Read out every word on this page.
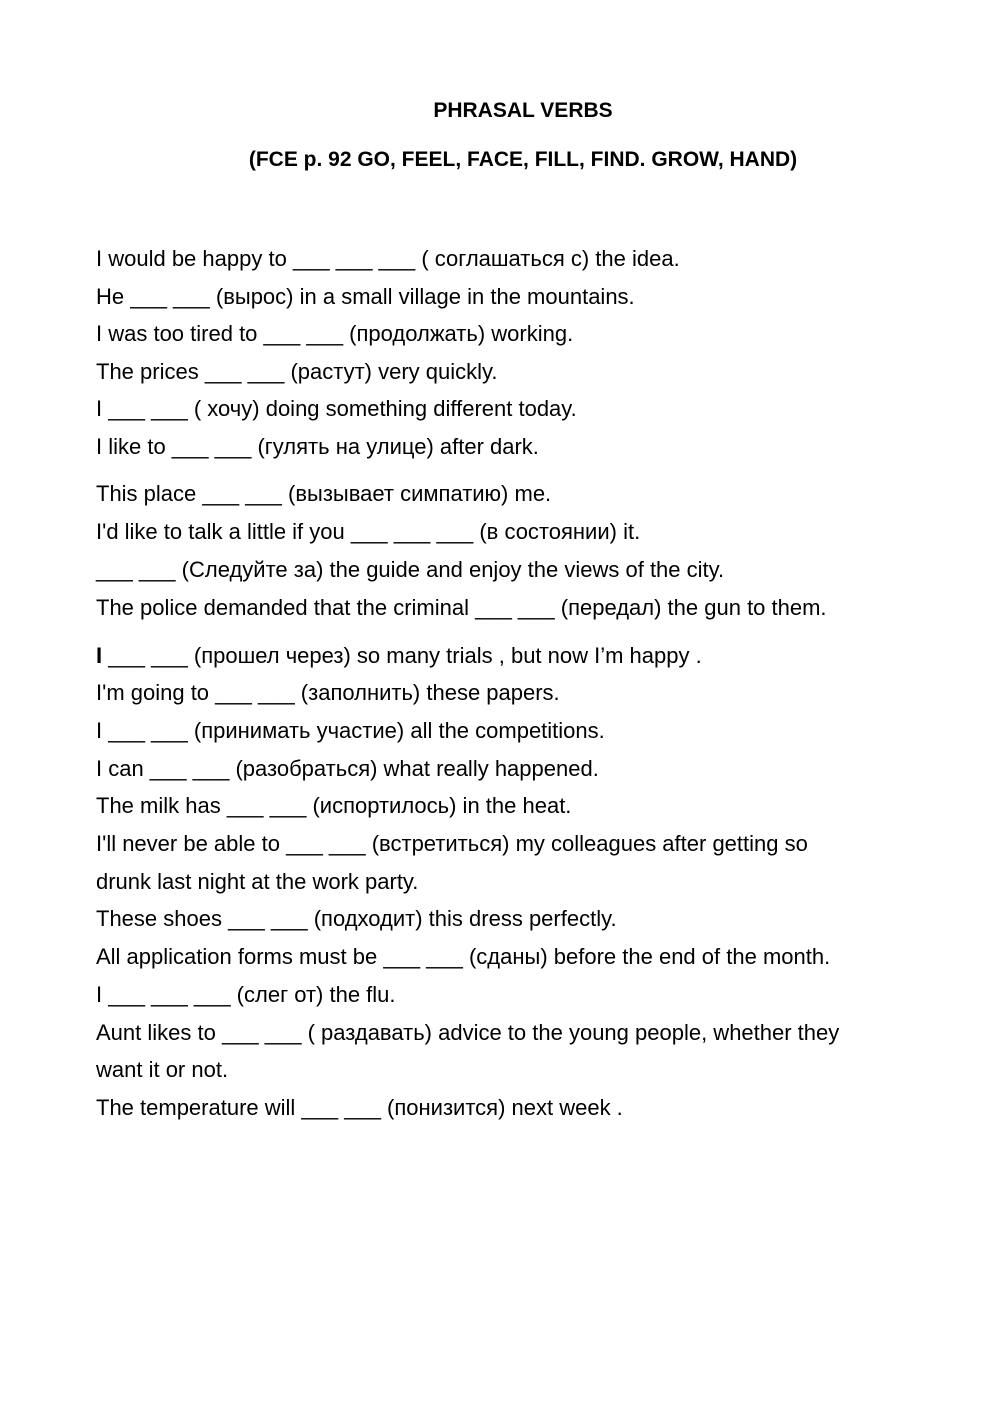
PHRASAL VERBS
(FCE p. 92 GO, FEEL, FACE, FILL, FIND. GROW, HAND)
I would be happy to ___ ___ ___ ( соглашаться с) the idea.
He ___ ___ (вырос) in a small village in the mountains.
I was too tired to ___ ___ (продолжать) working.
The prices ___ ___ (растут) very quickly.
I ___ ___ ( хочу) doing something different today.
I like to ___ ___ (гулять на улице) after dark.
This place ___ ___ (вызывает симпатию) me.
I'd like to talk a little if you ___ ___ ___ (в состоянии) it.
___ ___ (Следуйте за) the guide and enjoy the views of the city.
The police demanded that the criminal ___ ___ (передал) the gun to them.
I ___ ___ (прошел через) so many trials , but now I’m happy .
I'm going to ___ ___ (заполнить) these papers.
I ___ ___ (принимать участие) all the competitions.
I can ___ ___ (разобраться) what really happened.
The milk has ___ ___ (испортилось) in the heat.
I'll never be able to ___ ___ (встретиться) my colleagues after getting so
drunk last night at the work party.
These shoes ___ ___ (подходит) this dress perfectly.
All application forms must be ___ ___ (сданы) before the end of the month.
I ___ ___ ___ (слег от) the flu.
Aunt likes to ___ ___ ( раздавать) advice to the young people, whether they
want it or not.
The temperature will ___ ___ (понизится) next week .
